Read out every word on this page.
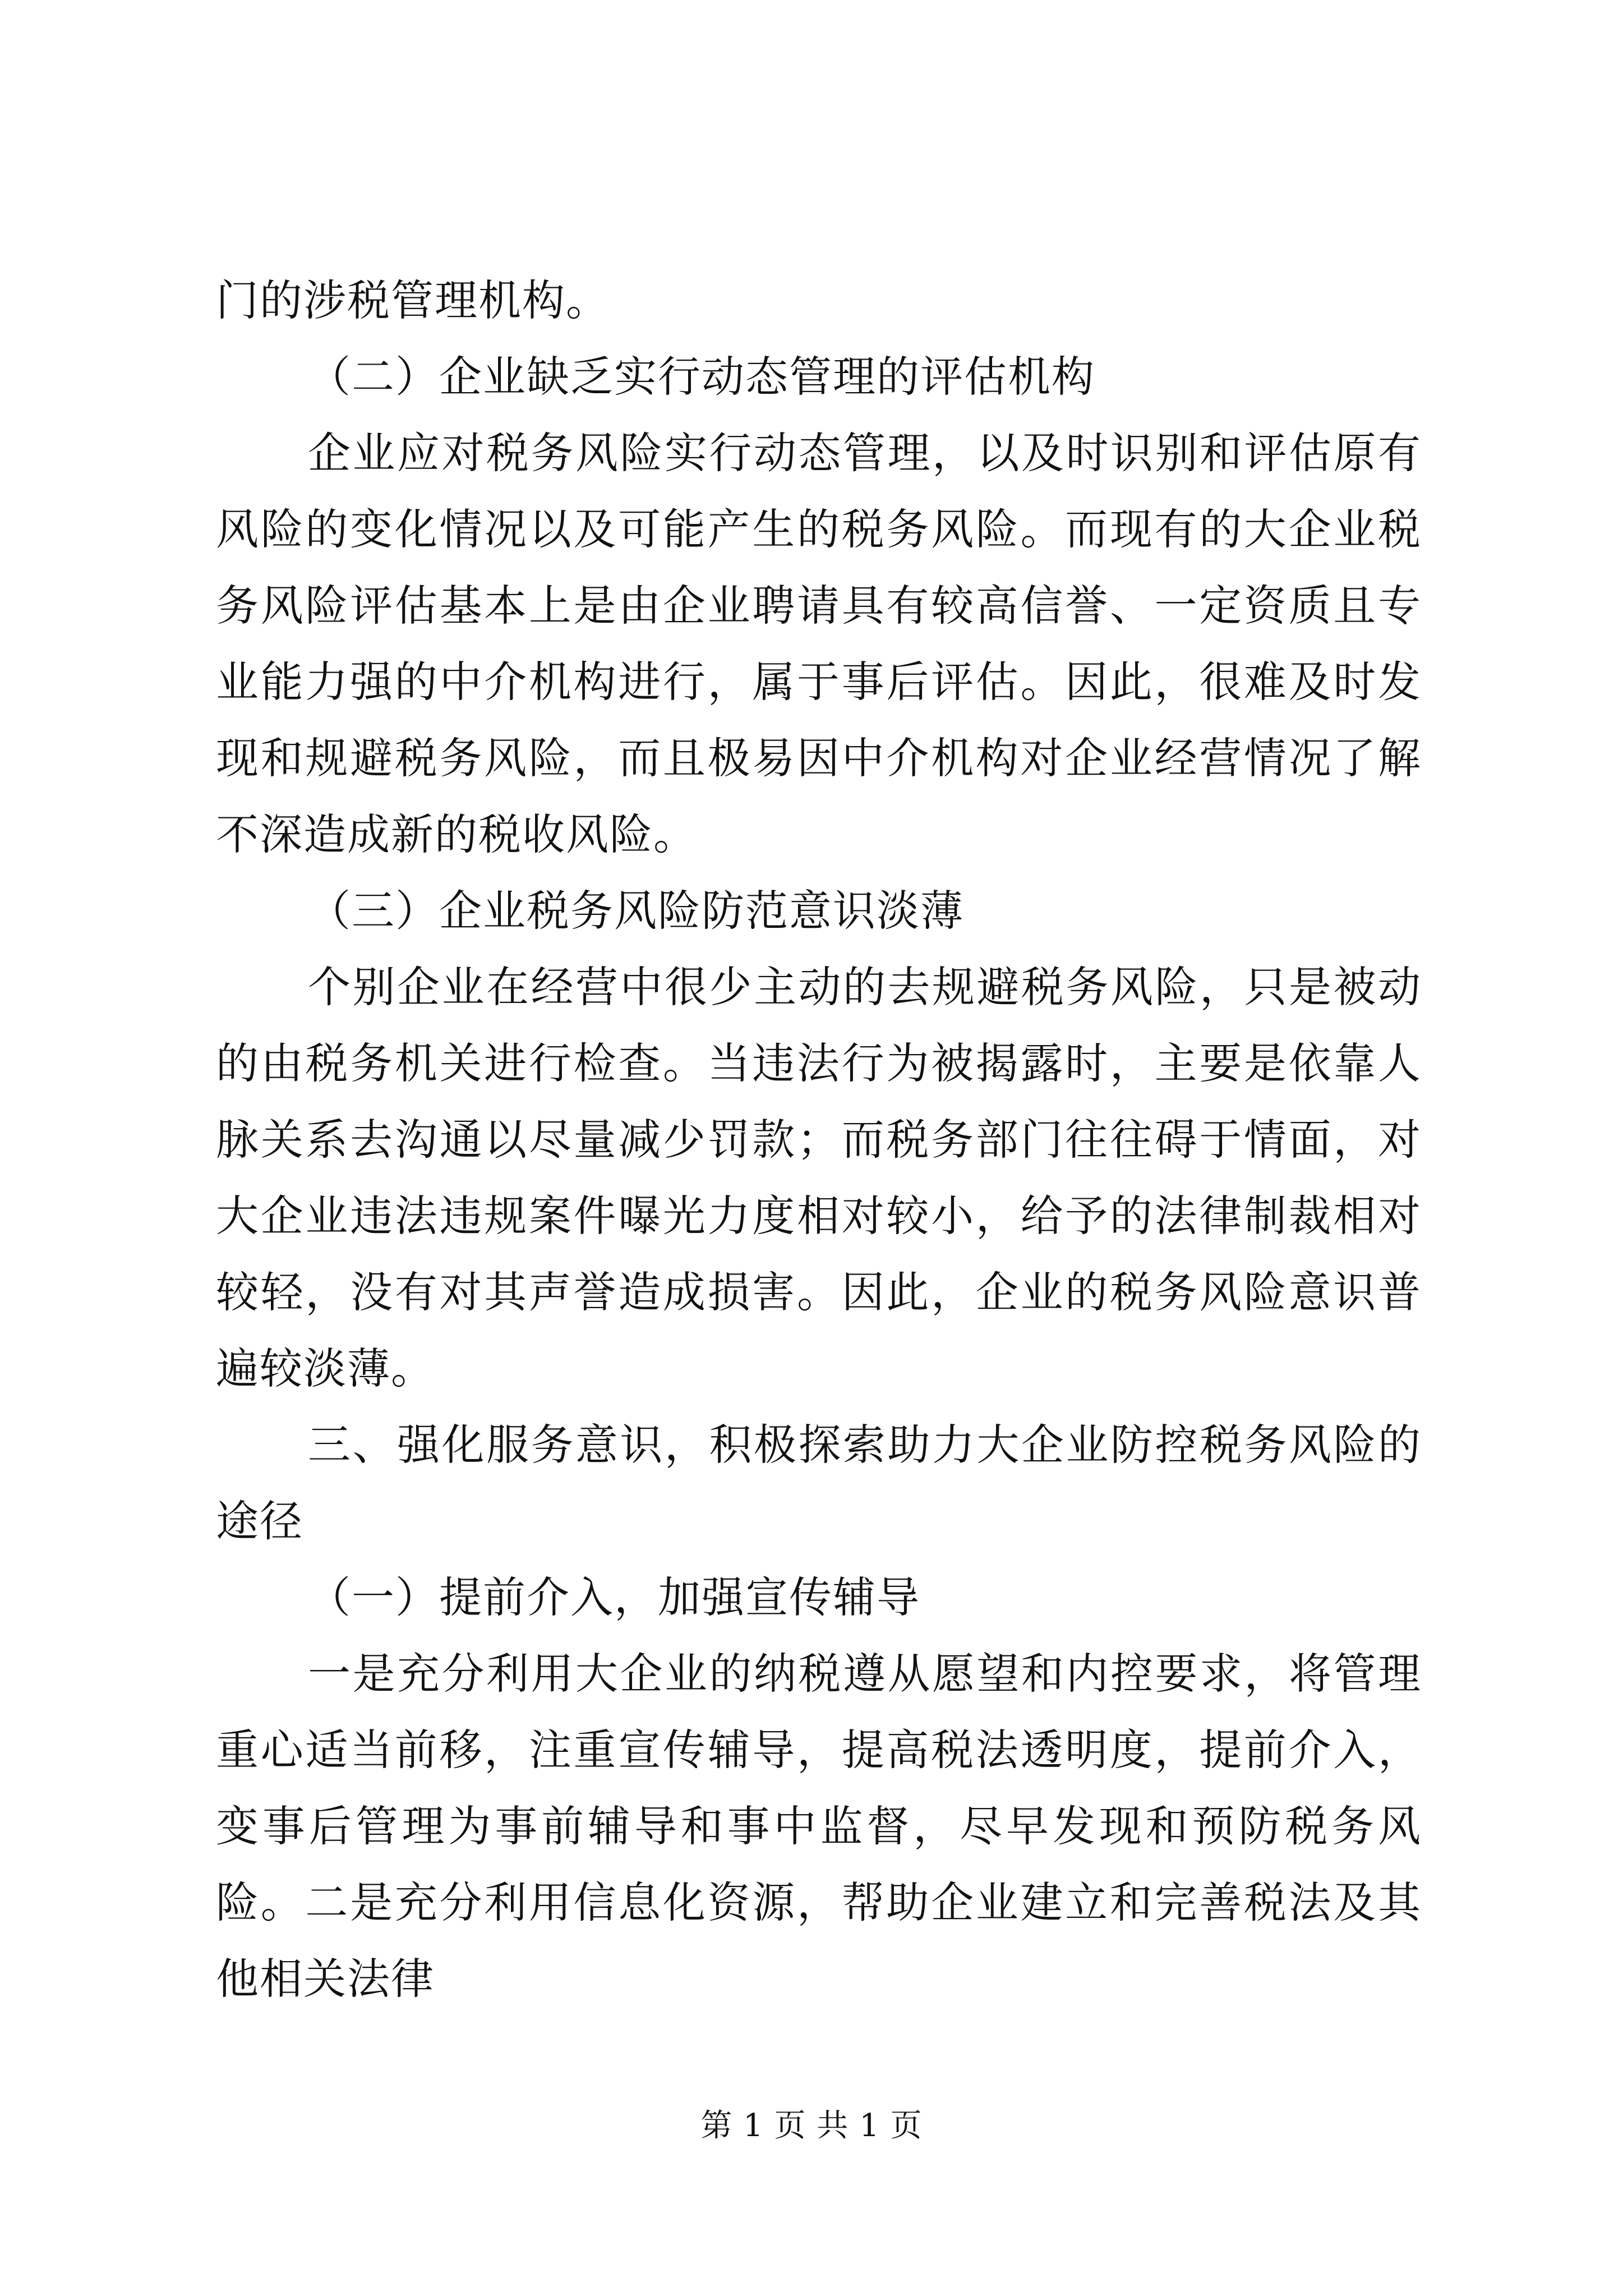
门的涉税管理机构。

（二）企业缺乏实行动态管理的评估机构

企业应对税务风险实行动态管理，以及时识别和评估原有风险的变化情况以及可能产生的税务风险。而现有的大企业税务风险评估基本上是由企业聘请具有较高信誉、一定资质且专业能力强的中介机构进行，属于事后评估。因此，很难及时发现和规避税务风险，而且极易因中介机构对企业经营情况了解不深造成新的税收风险。

（三）企业税务风险防范意识淡薄

个别企业在经营中很少主动的去规避税务风险，只是被动的由税务机关进行检查。当违法行为被揭露时，主要是依靠人脉关系去沟通以尽量减少罚款；而税务部门往往碍于情面，对大企业违法违规案件曝光力度相对较小，给予的法律制裁相对较轻，没有对其声誉造成损害。因此，企业的税务风险意识普遍较淡薄。

三、强化服务意识，积极探索助力大企业防控税务风险的途径

（一）提前介入，加强宣传辅导

一是充分利用大企业的纳税遵从愿望和内控要求，将管理重心适当前移，注重宣传辅导，提高税法透明度，提前介入，变事后管理为事前辅导和事中监督，尽早发现和预防税务风险。二是充分利用信息化资源，帮助企业建立和完善税法及其他相关法律

第 1 页 共 1 页
